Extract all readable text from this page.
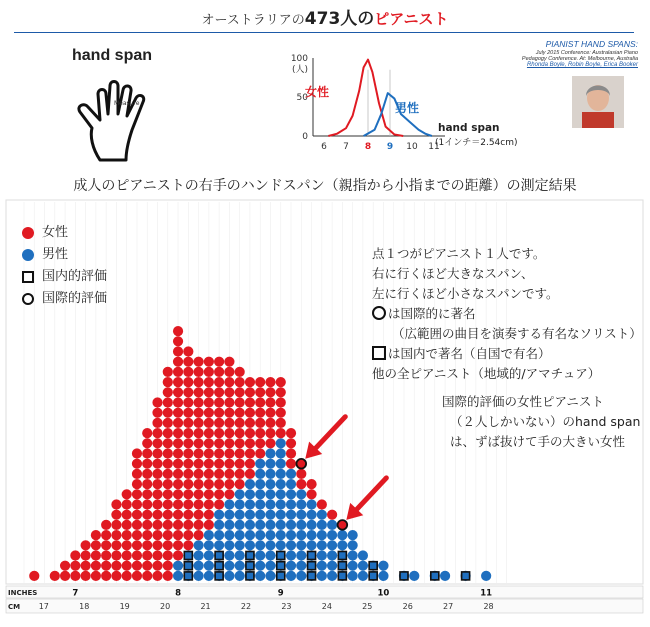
オーストラリアの473人のピアニスト
hand span
Measure
0
50
100
(人)
6 7 8 9 10 11
女性
男性
hand span
(1インチ＝2.54cm)
PIANIST HAND SPANS:
July 2015 Conference: Australasian Piano
Pedagogy Conference. At: Melbourne, Australia
Rhonda Boyle, Robin Boyle, Erica Booker
成人のピアニストの右手のハンドスパン（親指から小指までの距離）の測定結果
INCHES
CM
7	8	9	10	11
17	18	19	20	21	22	23	24	25	26	27	28
女性
男性
国内的評価
国際的評価
点１つがピアニスト１人です。
右に行くほど大きなスパン、
左に行くほど小さなスパンです。
は国際的に著名
（広範囲の曲目を演奏する有名なソリスト）
は国内で著名（自国で有名）
他の全ピアニスト（地域的/アマチュア）
国際的評価の女性ピアニスト
（２人しかいない）のhand span
は、ずば抜けて手の大きい女性
